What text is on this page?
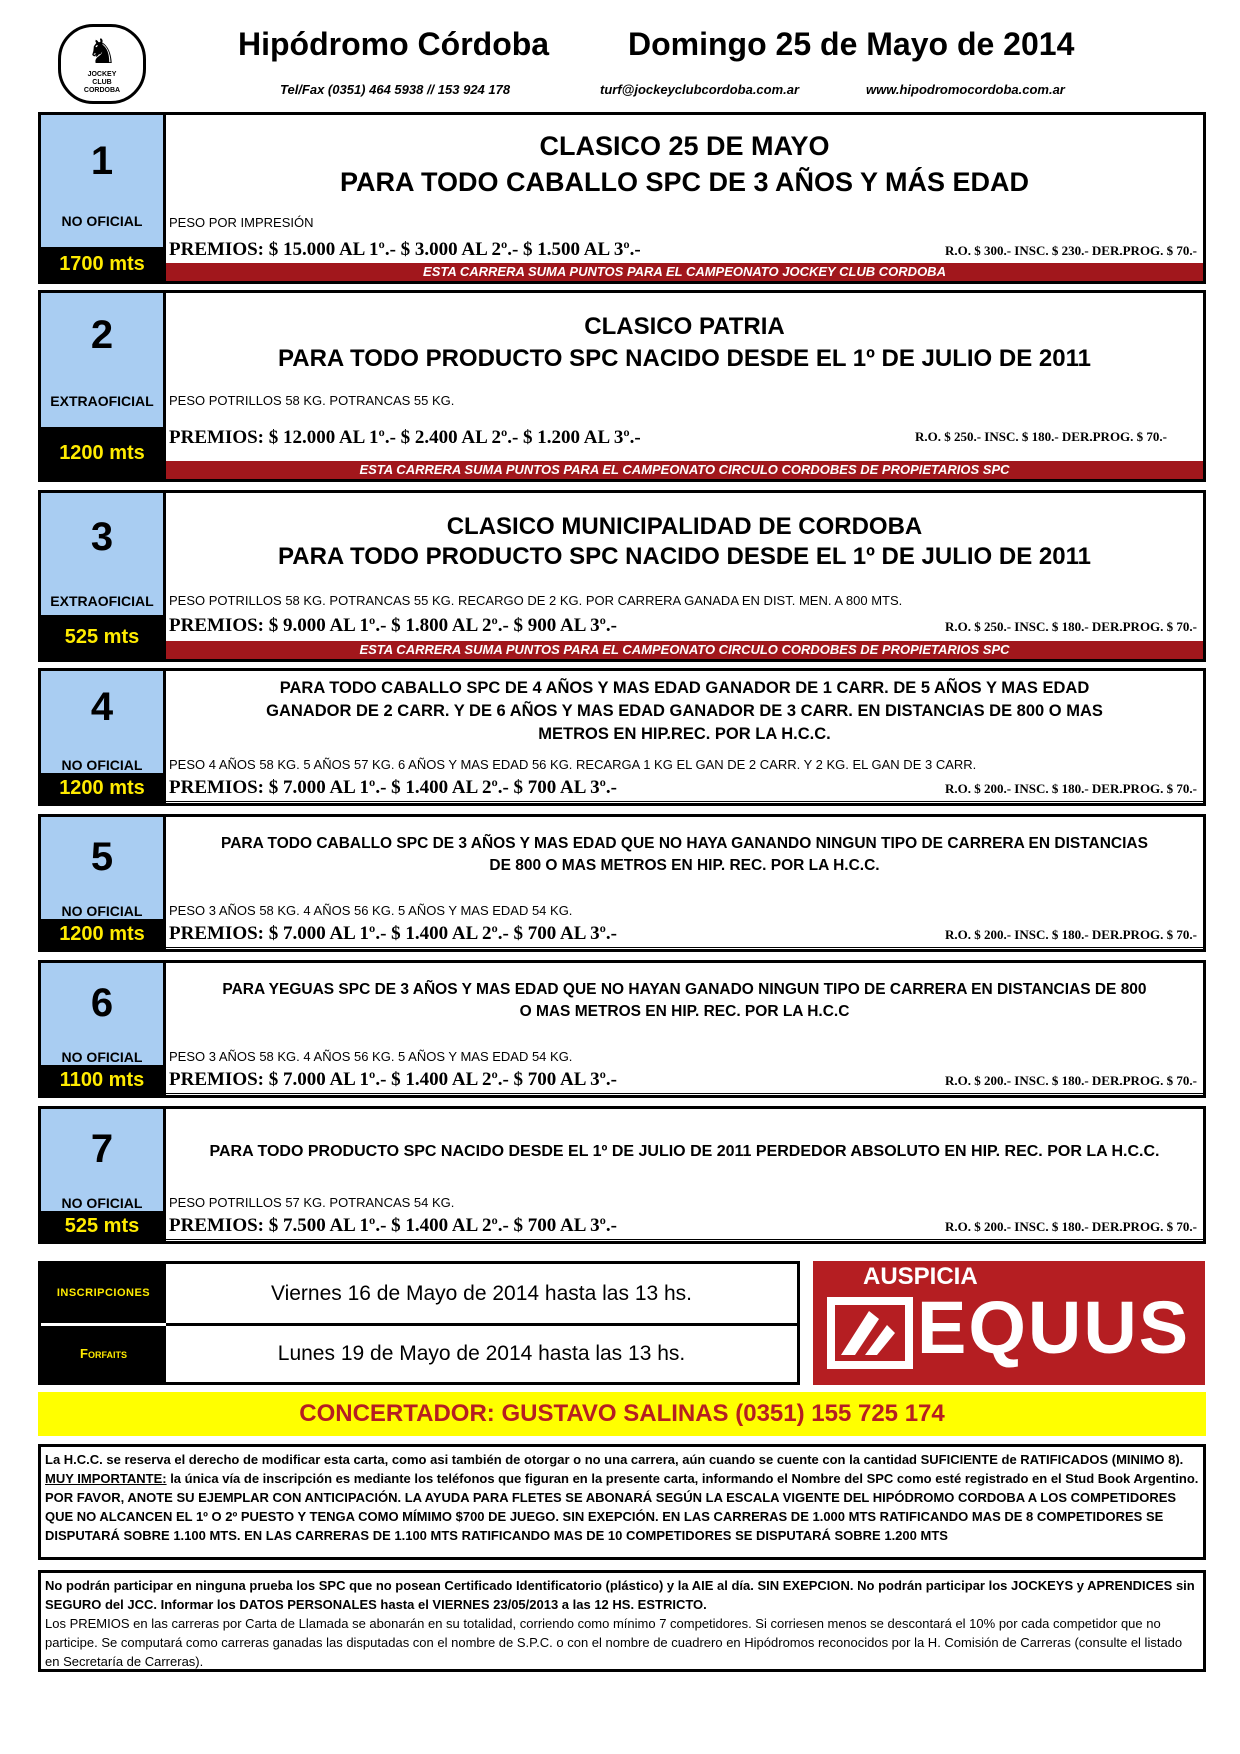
♞
JOCKEY CLUB CORDOBA
Hipódromo Córdoba Domingo 25 de Mayo de 2014
Tel/Fax (0351) 464 5938 // 153 924 178	turf@jockeyclubcordoba.com.ar	www.hipodromocordoba.com.ar
1
NO OFICIAL
1700 mts
CLASICO 25 DE MAYO
PARA TODO CABALLO SPC DE 3 AÑOS Y MÁS EDAD
PESO POR IMPRESIÓN
PREMIOS: $ 15.000 AL 1º.- $ 3.000 AL 2º.- $ 1.500 AL 3º.-	R.O. $ 300.- INSC. $ 230.- DER.PROG. $ 70.-
ESTA CARRERA SUMA PUNTOS PARA EL CAMPEONATO JOCKEY CLUB CORDOBA
2
EXTRAOFICIAL
1200 mts
CLASICO PATRIA
PARA TODO PRODUCTO SPC NACIDO DESDE EL 1º DE JULIO DE 2011
PESO POTRILLOS 58 KG. POTRANCAS 55 KG.
PREMIOS: $ 12.000 AL 1º.- $ 2.400 AL 2º.- $ 1.200 AL 3º.-	R.O. $ 250.- INSC. $ 180.- DER.PROG. $ 70.-
ESTA CARRERA SUMA PUNTOS PARA EL CAMPEONATO CIRCULO CORDOBES DE PROPIETARIOS SPC
3
EXTRAOFICIAL
525 mts
CLASICO MUNICIPALIDAD DE CORDOBA
PARA TODO PRODUCTO SPC NACIDO DESDE EL 1º DE JULIO DE 2011
PESO POTRILLOS 58 KG. POTRANCAS 55 KG. RECARGO DE 2 KG. POR CARRERA GANADA EN DIST. MEN. A 800 MTS.
PREMIOS: $ 9.000 AL 1º.- $ 1.800 AL 2º.- $ 900 AL 3º.-	R.O. $ 250.- INSC. $ 180.- DER.PROG. $ 70.-
ESTA CARRERA SUMA PUNTOS PARA EL CAMPEONATO CIRCULO CORDOBES DE PROPIETARIOS SPC
4
NO OFICIAL
1200 mts
PARA TODO CABALLO SPC DE 4 AÑOS Y MAS EDAD GANADOR DE 1 CARR. DE 5 AÑOS Y MAS EDAD
GANADOR DE 2 CARR. Y DE 6 AÑOS Y MAS EDAD GANADOR DE 3 CARR. EN DISTANCIAS DE 800 O MAS
METROS EN HIP.REC. POR LA H.C.C.
PESO 4 AÑOS 58 KG. 5 AÑOS 57 KG. 6 AÑOS Y MAS EDAD 56 KG. RECARGA 1 KG EL GAN DE 2 CARR. Y 2 KG. EL GAN DE 3 CARR.
PREMIOS: $ 7.000 AL 1º.- $ 1.400 AL 2º.- $ 700 AL 3º.-	R.O. $ 200.- INSC. $ 180.- DER.PROG. $ 70.-
5
NO OFICIAL
1200 mts
PARA TODO CABALLO SPC DE 3 AÑOS Y MAS EDAD QUE NO HAYA GANANDO NINGUN TIPO DE CARRERA EN DISTANCIAS
DE 800 O MAS METROS EN HIP. REC. POR LA H.C.C.
PESO 3 AÑOS 58 KG. 4 AÑOS 56 KG. 5 AÑOS Y MAS EDAD 54 KG.
PREMIOS: $ 7.000 AL 1º.- $ 1.400 AL 2º.- $ 700 AL 3º.-	R.O. $ 200.- INSC. $ 180.- DER.PROG. $ 70.-
6
NO OFICIAL
1100 mts
PARA YEGUAS SPC DE 3 AÑOS Y MAS EDAD QUE NO HAYAN GANADO NINGUN TIPO DE CARRERA EN DISTANCIAS DE 800
O MAS METROS EN HIP. REC. POR LA H.C.C
PESO 3 AÑOS 58 KG. 4 AÑOS 56 KG. 5 AÑOS Y MAS EDAD 54 KG.
PREMIOS: $ 7.000 AL 1º.- $ 1.400 AL 2º.- $ 700 AL 3º.-	R.O. $ 200.- INSC. $ 180.- DER.PROG. $ 70.-
7
NO OFICIAL
525 mts
PARA TODO PRODUCTO SPC NACIDO DESDE EL 1º DE JULIO DE 2011 PERDEDOR ABSOLUTO EN HIP. REC. POR LA H.C.C.
PESO POTRILLOS 57 KG. POTRANCAS 54 KG.
PREMIOS: $ 7.500 AL 1º.- $ 1.400 AL 2º.- $ 700 AL 3º.-	R.O. $ 200.- INSC. $ 180.- DER.PROG. $ 70.-
INSCRIPCIONES	Viernes 16 de Mayo de 2014 hasta las 13 hs.
Forfaits	Lunes 19 de Mayo de 2014 hasta las 13 hs.
AUSPICIA
EQUUS
CONCERTADOR: GUSTAVO SALINAS (0351) 155 725 174
La H.C.C. se reserva el derecho de modificar esta carta, como asi también de otorgar o no una carrera, aún cuando se cuente con la cantidad SUFICIENTE de RATIFICADOS (MINIMO 8). MUY IMPORTANTE: la única vía de inscripción es mediante los teléfonos que figuran en la presente carta, informando el Nombre del SPC como esté registrado en el Stud Book Argentino. POR FAVOR, ANOTE SU EJEMPLAR CON ANTICIPACIÓN. LA AYUDA PARA FLETES SE ABONARÁ SEGÚN LA ESCALA VIGENTE DEL HIPÓDROMO CORDOBA A LOS COMPETIDORES QUE NO ALCANCEN EL 1º O 2º PUESTO Y TENGA COMO MÍMIMO $700 DE JUEGO. SIN EXEPCIÓN. EN LAS CARRERAS DE 1.000 MTS RATIFICANDO MAS DE 8 COMPETIDORES SE DISPUTARÁ SOBRE 1.100 MTS. EN LAS CARRERAS DE 1.100 MTS RATIFICANDO MAS DE 10 COMPETIDORES SE DISPUTARÁ SOBRE 1.200 MTS
No podrán participar en ninguna prueba los SPC que no posean Certificado Identificatorio (plástico) y la AIE al día. SIN EXEPCION. No podrán participar los JOCKEYS y APRENDICES sin SEGURO del JCC. Informar los DATOS PERSONALES hasta el VIERNES 23/05/2013 a las 12 HS. ESTRICTO.
Los PREMIOS en las carreras por Carta de Llamada se abonarán en su totalidad, corriendo como mínimo 7 competidores. Si corriesen menos se descontará el 10% por cada competidor que no participe. Se computará como carreras ganadas las disputadas con el nombre de S.P.C. o con el nombre de cuadrero en Hipódromos reconocidos por la H. Comisión de Carreras (consulte el listado en Secretaría de Carreras).
